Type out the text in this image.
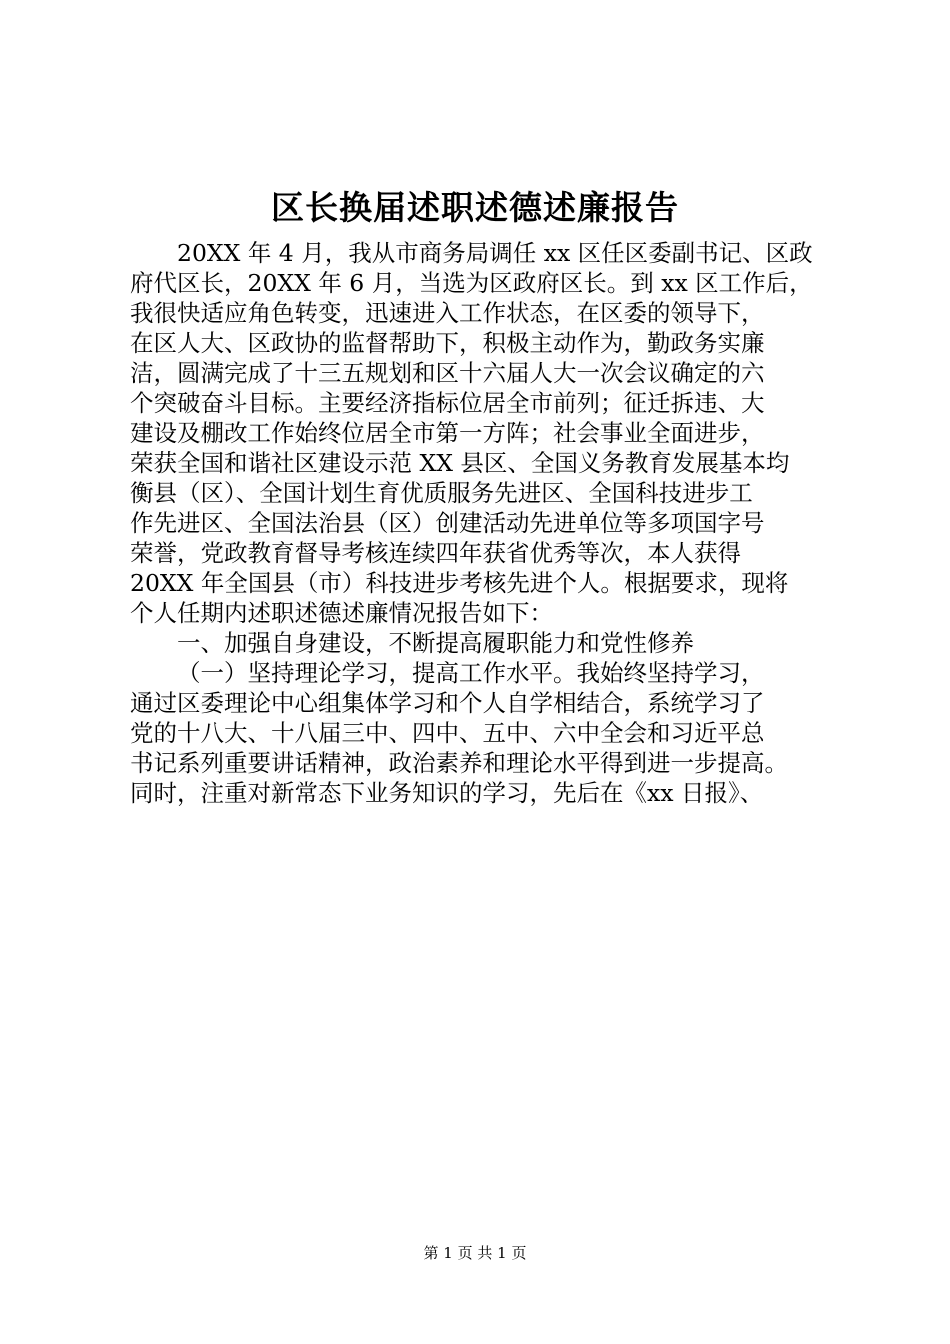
区长换届述职述德述廉报告
20XX 年 4 月，我从市商务局调任 xx 区任区委副书记、区政
府代区长，20XX 年 6 月，当选为区政府区长。到 xx 区工作后，
我很快适应角色转变，迅速进入工作状态，在区委的领导下，
在区人大、区政协的监督帮助下，积极主动作为，勤政务实廉
洁，圆满完成了十三五规划和区十六届人大一次会议确定的六
个突破奋斗目标。主要经济指标位居全市前列；征迁拆违、大
建设及棚改工作始终位居全市第一方阵；社会事业全面进步，
荣获全国和谐社区建设示范 XX 县区、全国义务教育发展基本均
衡县（区）、全国计划生育优质服务先进区、全国科技进步工
作先进区、全国法治县（区）创建活动先进单位等多项国字号
荣誉，党政教育督导考核连续四年获省优秀等次，本人获得
20XX 年全国县（市）科技进步考核先进个人。根据要求，现将
个人任期内述职述德述廉情况报告如下：
一、加强自身建设，不断提高履职能力和党性修养
（一）坚持理论学习，提高工作水平。我始终坚持学习，
通过区委理论中心组集体学习和个人自学相结合，系统学习了
党的十八大、十八届三中、四中、五中、六中全会和习近平总
书记系列重要讲话精神，政治素养和理论水平得到进一步提高。
同时，注重对新常态下业务知识的学习，先后在《xx 日报》、
第 1 页 共 1 页
